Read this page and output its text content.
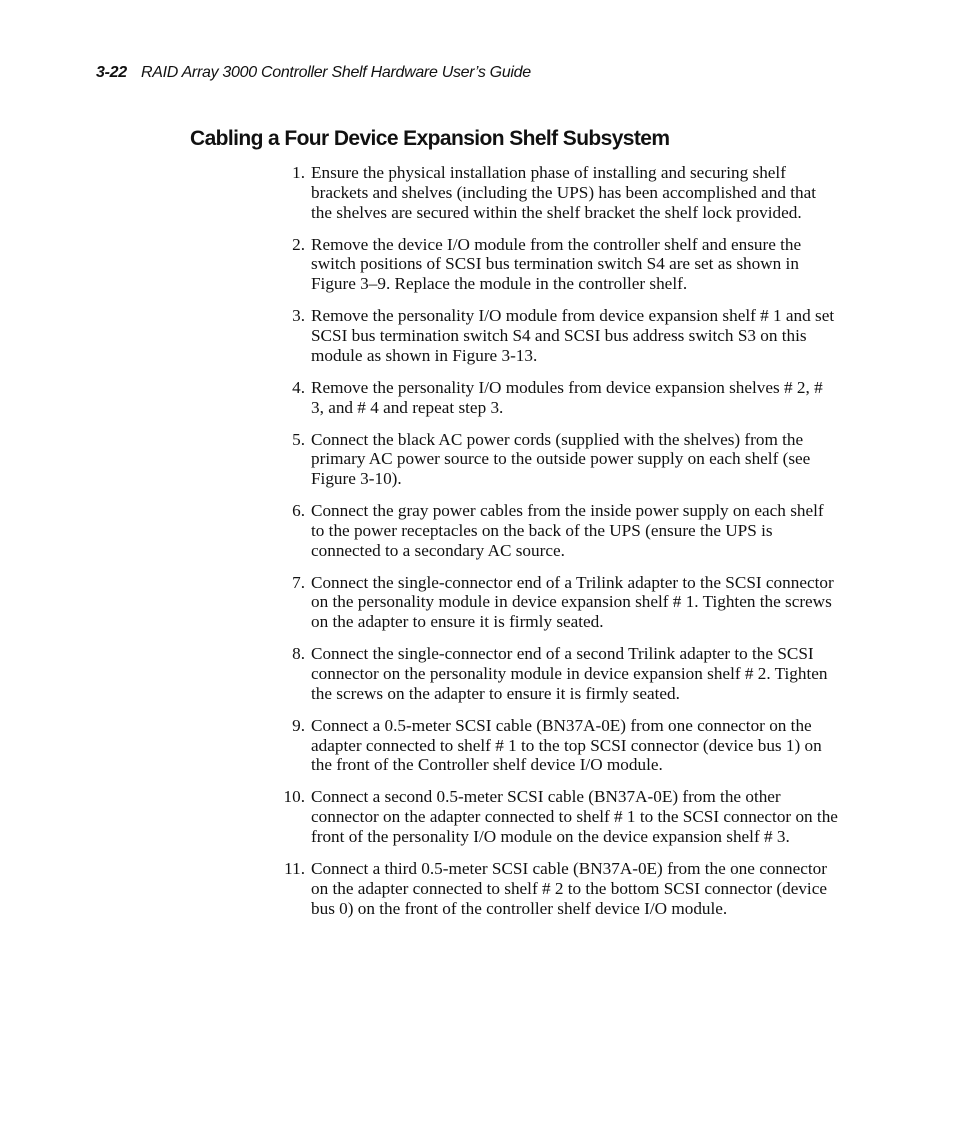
3-22 RAID Array 3000 Controller Shelf Hardware User’s Guide
Cabling a Four Device Expansion Shelf Subsystem
1. Ensure the physical installation phase of installing and securing shelf brackets and shelves (including the UPS) has been accomplished and that the shelves are secured within the shelf bracket the shelf lock provided.
2. Remove the device I/O module from the controller shelf and ensure the switch positions of SCSI bus termination switch S4 are set as shown in Figure 3–9. Replace the module in the controller shelf.
3. Remove the personality I/O module from device expansion shelf # 1 and set SCSI bus termination switch S4 and SCSI bus address switch S3 on this module as shown in Figure 3-13.
4. Remove the personality I/O modules from device expansion shelves # 2, # 3, and # 4 and repeat step 3.
5. Connect the black AC power cords (supplied with the shelves) from the primary AC power source to the outside power supply on each shelf (see Figure 3-10).
6. Connect the gray power cables from the inside power supply on each shelf to the power receptacles on the back of the UPS (ensure the UPS is connected to a secondary AC source.
7. Connect the single-connector end of a Trilink adapter to the SCSI connector on the personality module in device expansion shelf # 1. Tighten the screws on the adapter to ensure it is firmly seated.
8. Connect the single-connector end of a second Trilink adapter to the SCSI connector on the personality module in device expansion shelf # 2. Tighten the screws on the adapter to ensure it is firmly seated.
9. Connect a 0.5-meter SCSI cable (BN37A-0E) from one connector on the adapter connected to shelf # 1 to the top SCSI connector (device bus 1) on the front of the Controller shelf device I/O module.
10. Connect a second 0.5-meter SCSI cable (BN37A-0E) from the other connector on the adapter connected to shelf # 1 to the SCSI connector on the front of the personality I/O module on the device expansion shelf # 3.
11. Connect a third 0.5-meter SCSI cable (BN37A-0E) from the one connector on the adapter connected to shelf # 2 to the bottom SCSI connector (device bus 0) on the front of the controller shelf device I/O module.
